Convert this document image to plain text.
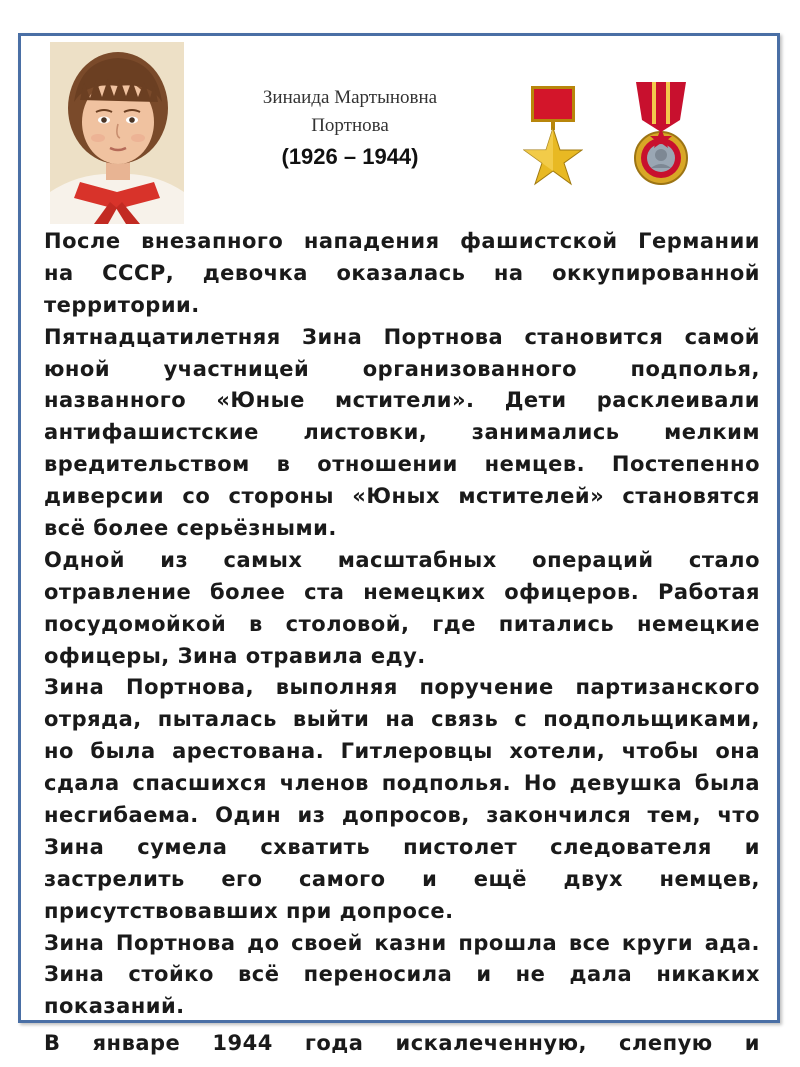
Зинаида Мартыновна
Портнова
(1926 – 1944)
После внезапного нападения фашистской Германии
на СССР, девочка оказалась на оккупированной
территории.
Пятнадцатилетняя Зина Портнова становится самой
юной участницей организованного подполья,
названного «Юные мстители». Дети расклеивали
антифашистские листовки, занимались мелким
вредительством в отношении немцев. Постепенно
диверсии со стороны «Юных мстителей» становятся
всё более серьёзными.
Одной из самых масштабных операций стало
отравление более ста немецких офицеров. Работая
посудомойкой в столовой, где питались немецкие
офицеры, Зина отравила еду.
Зина Портнова, выполняя поручение партизанского
отряда, пыталась выйти на связь с подпольщиками,
но была арестована. Гитлеровцы хотели, чтобы она
сдала спасшихся членов подполья. Но девушка была
несгибаема. Один из допросов, закончился тем, что
Зина сумела схватить пистолет следователя и
застрелить его самого и ещё двух немцев,
присутствовавших при допросе.
Зина Портнова до своей казни прошла все круги ада.
Зина стойко всё переносила и не дала никаких
показаний.
В январе 1944 года искалеченную, слепую и
